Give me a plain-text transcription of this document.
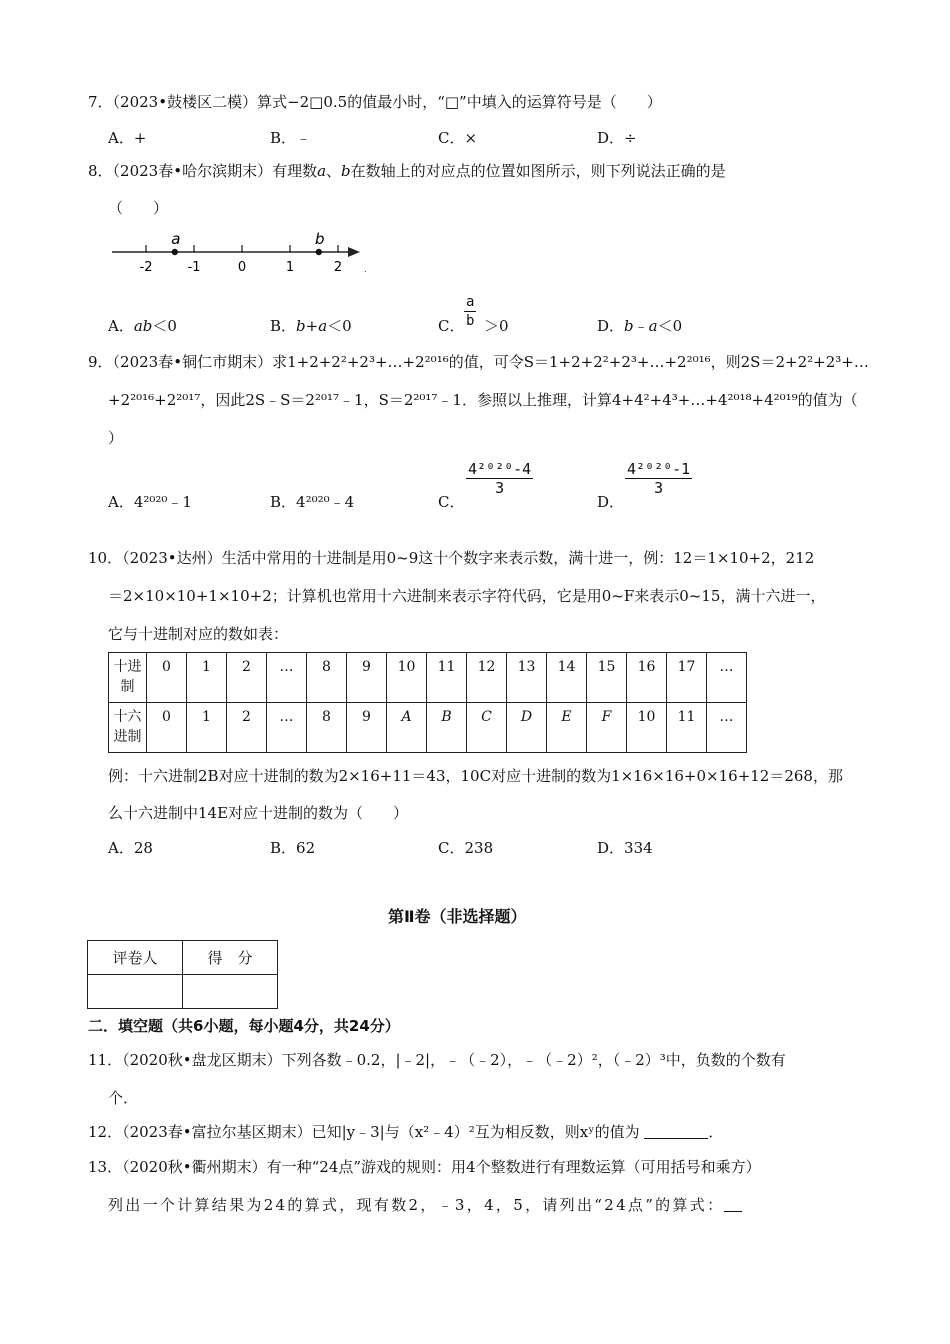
7．（2023•鼓楼区二模）算式−2□0.5的值最小时，“□”中填入的运算符号是（　　）
A．+	B．﹣	C．×	D．÷
8．（2023春•哈尔滨期末）有理数a、b在数轴上的对应点的位置如图所示，则下列说法正确的是
（　　）
-2	-1	0	1	2
a	b
.
A．ab＜0	B．b+a＜0	C． $\frac{a}{b} >0$	D．b﹣a＜0
9．（2023春•铜仁市期末）求1+2+2²+2³+…+2²⁰¹⁶的值，可令S＝1+2+2²+2³+…+2²⁰¹⁶，则2S＝2+2²+2³+…
+2²⁰¹⁶+2²⁰¹⁷，因此2S﹣S＝2²⁰¹⁷﹣1，S＝2²⁰¹⁷﹣1．参照以上推理，计算4+4²+4³+…+4²⁰¹⁸+4²⁰¹⁹的值为（
）
A．4²⁰²⁰﹣1	B．4²⁰²⁰﹣4	C．
$\frac{\text{4²⁰²⁰-4}}{3}$
D．
$\frac{\text{4²⁰²⁰-1}}{3}$
10．（2023•达州）生活中常用的十进制是用0~9这十个数字来表示数，满十进一，例：12＝1×10+2，212
＝2×10×10+1×10+2；计算机也常用十六进制来表示字符代码，它是用0~F来表示0~15，满十六进一，
它与十进制对应的数如表：
十进
制	0	1	2	…	8	9	10	11	12	13	14	15	16	17	…
十六
进制	0	1	2	…	8	9	A	B	C	D	E	F	10	11	…
例：十六进制2B对应十进制的数为2×16+11＝43，10C对应十进制的数为1×16×16+0×16+12＝268，那
么十六进制中14E对应十进制的数为（　　）
A．28	B．62	C．238	D．334
第Ⅱ卷（非选择题）
评卷人	得　分

二．填空题（共6小题，每小题4分，共24分）
11．（2020秋•盘龙区期末）下列各数﹣0.2，|﹣2|，﹣（﹣2），﹣（﹣2）²，（﹣2）³中，负数的个数有
个．
12．（2023春•富拉尔基区期末）已知|y﹣3|与（x²﹣4）²互为相反数，则xʸ的值为	．
13．（2020秋•衢州期末）有一种“24点”游戏的规则：用4个整数进行有理数运算（可用括号和乘方）
列出一个计算结果为24的算式，现有数2，﹣3，4，5，请列出“24点”的算式：
